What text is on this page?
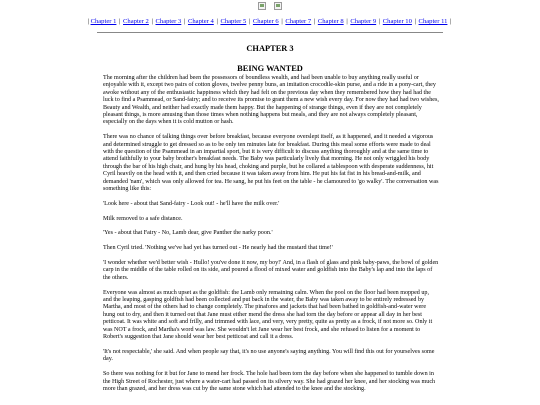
| Chapter 1 | Chapter 2 | Chapter 3 | Chapter 4 | Chapter 5 | Chapter 6 | Chapter 7 | Chapter 8 | Chapter 9 | Chapter 10 | Chapter 11 |
CHAPTER 3
BEING WANTED

The morning after the children had been the possessors of boundless wealth, and had been unable to buy anything really useful or enjoyable with it, except two pairs of cotton gloves, twelve penny buns, an imitation crocodile-skin purse, and a ride in a pony-cart, they awoke without any of the enthusiastic happiness which they had felt on the previous day when they remembered how they had had the luck to find a Psammead, or Sand-fairy; and to receive its promise to grant them a new wish every day. For now they had had two wishes, Beauty and Wealth, and neither had exactly made them happy. But the happening of strange things, even if they are not completely pleasant things, is more amusing than those times when nothing happens but meals, and they are not always completely pleasant, especially on the days when it is cold mutton or hash.

There was no chance of talking things over before breakfast, because everyone overslept itself, as it happened, and it needed a vigorous and determined struggle to get dressed so as to be only ten minutes late for breakfast. During this meal some efforts were made to deal with the question of the Psammead in an impartial sport, but it is very difficult to discuss anything thoroughly and at the same time to attend faithfully to your baby brother's breakfast needs. The Baby was particularly lively that morning. He not only wriggled his body through the bar of his high chair, and hung by his head, choking and purple, but he collared a tablespoon with desperate suddenness, hit Cyril heavily on the head with it, and then cried because it was taken away from him. He put his fat fist in his bread-and-milk, and demanded 'nam', which was only allowed for tea. He sang, he put his feet on the table - he clamoured to 'go walky'. The conversation was something like this:

'Look here - about that Sand-fairy - Look out! - he'll have the milk over.'

Milk removed to a safe distance.

'Yes - about that Fairy - No, Lamb dear, give Panther the narky poon.'

Then Cyril tried. 'Nothing we've had yet has turned out - He nearly had the mustard that time!'

'I wonder whether we'd better wish - Hullo! you've done it now, my boy!' And, in a flash of glass and pink baby-paws, the bowl of golden carp in the middle of the table rolled on its side, and poured a flood of mixed water and goldfish into the Baby's lap and into the laps of the others.

Everyone was almost as much upset as the goldfish: the Lamb only remaining calm. When the pool on the floor had been mopped up, and the leaping, gasping goldfish had been collected and put back in the water, the Baby was taken away to be entirely redressed by Martha, and most of the others had to change completely. The pinafores and jackets that had been bathed in goldfish-and-water were hung out to dry, and then it turned out that Jane must either mend the dress she had torn the day before or appear all day in her best petticoat. It was white and soft and frilly, and trimmed with lace, and very, very pretty, quite as pretty as a frock, if not more so. Only it was NOT a frock, and Martha's word was law. She wouldn't let Jane wear her best frock, and she refused to listen for a moment to Robert's suggestion that Jane should wear her best petticoat and call it a dress.

'It's not respectable,' she said. And when people say that, it's no use anyone's saying anything. You will find this out for yourselves some day.

So there was nothing for it but for Jane to mend her frock. The hole had been torn the day before when she happened to tumble down in the High Street of Rochester, just where a water-cart had passed on its silvery way. She had grazed her knee, and her stocking was much more than grazed, and her dress was cut by the same stone which had attended to the knee and the stocking.
